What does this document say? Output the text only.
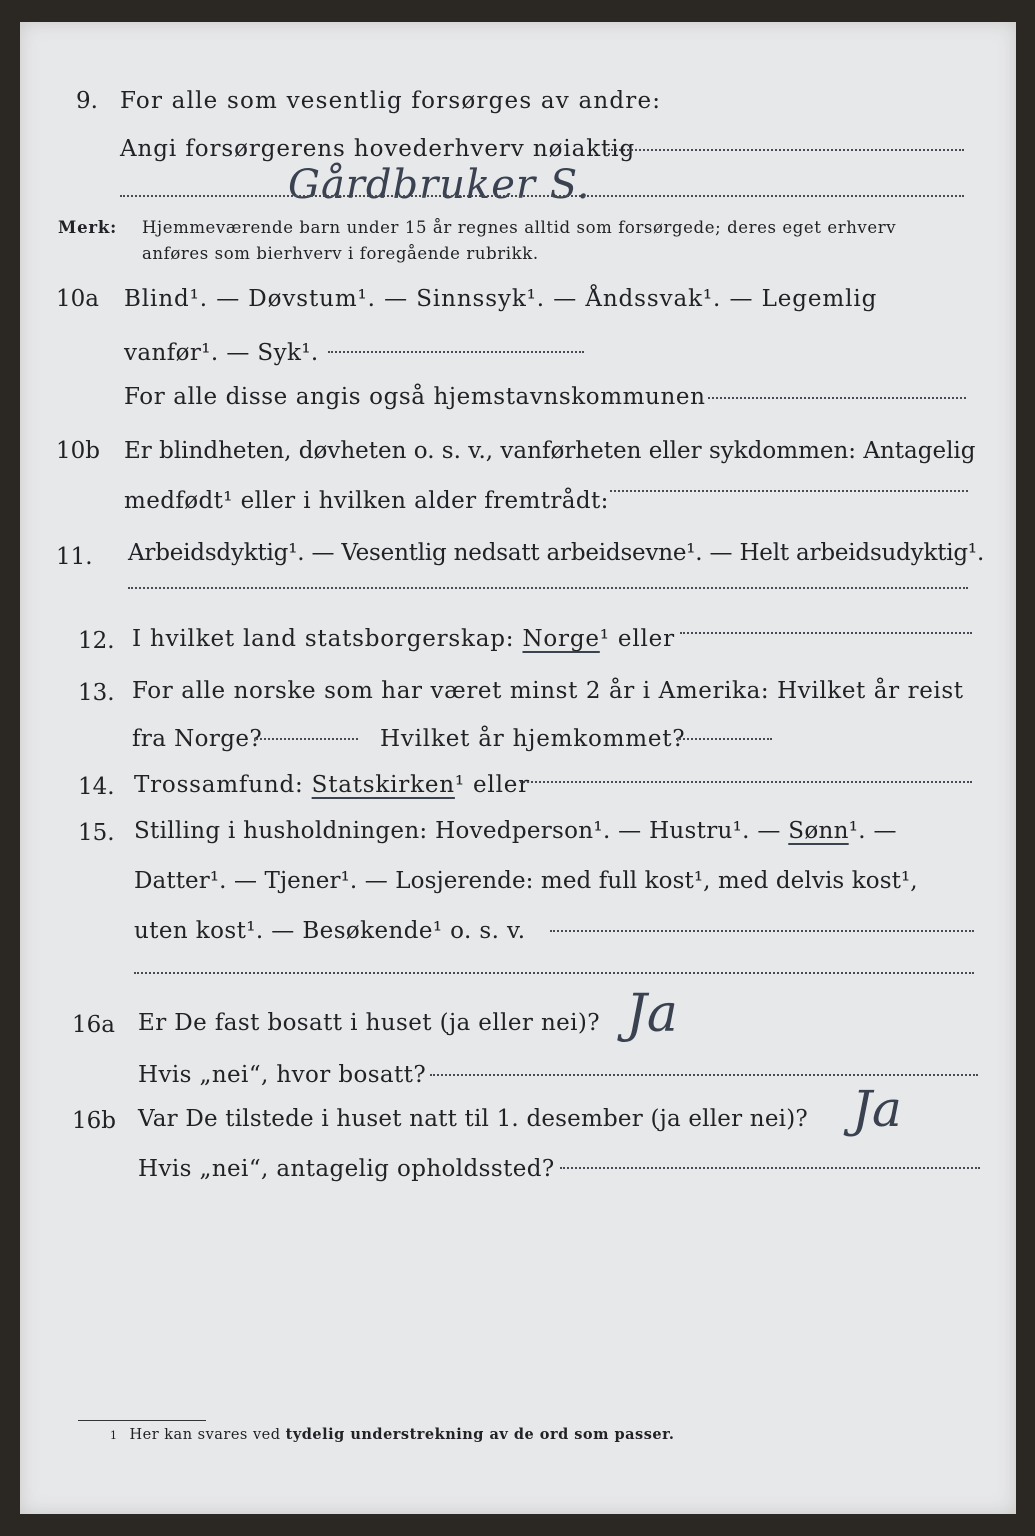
9. For alle som vesentlig forsørges av andre:
Angi forsørgerens hovederhverv nøiaktig
Gårdbruker S.
Merk: Hjemmeværende barn under 15 år regnes alltid som forsørgede; deres eget erhverv
anføres som bierhverv i foregående rubrikk.
10a Blind¹. — Døvstum¹. — Sinnssyk¹. — Åndssvak¹. — Legemlig
vanfør¹. — Syk¹.
For alle disse angis også hjemstavnskommunen
10b Er blindheten, døvheten o. s. v., vanførheten eller sykdommen: Antagelig
medfødt¹ eller i hvilken alder fremtrådt:
11. Arbeidsdyktig¹. — Vesentlig nedsatt arbeidsevne¹. — Helt arbeidsudyktig¹.
12. I hvilket land statsborgerskap: Norge¹ eller
13. For alle norske som har været minst 2 år i Amerika: Hvilket år reist
fra Norge?	Hvilket år hjemkommet?
14. Trossamfund: Statskirken¹ eller
15. Stilling i husholdningen: Hovedperson¹. — Hustru¹. — Sønn¹. —
Datter¹. — Tjener¹. — Losjerende: med full kost¹, med delvis kost¹,
uten kost¹. — Besøkende¹ o. s. v.
16a Er De fast bosatt i huset (ja eller nei)? Ja
Hvis „nei“, hvor bosatt?
16b Var De tilstede i huset natt til 1. desember (ja eller nei)? Ja
Hvis „nei“, antagelig opholdssted?
1 Her kan svares ved tydelig understrekning av de ord som passer.
